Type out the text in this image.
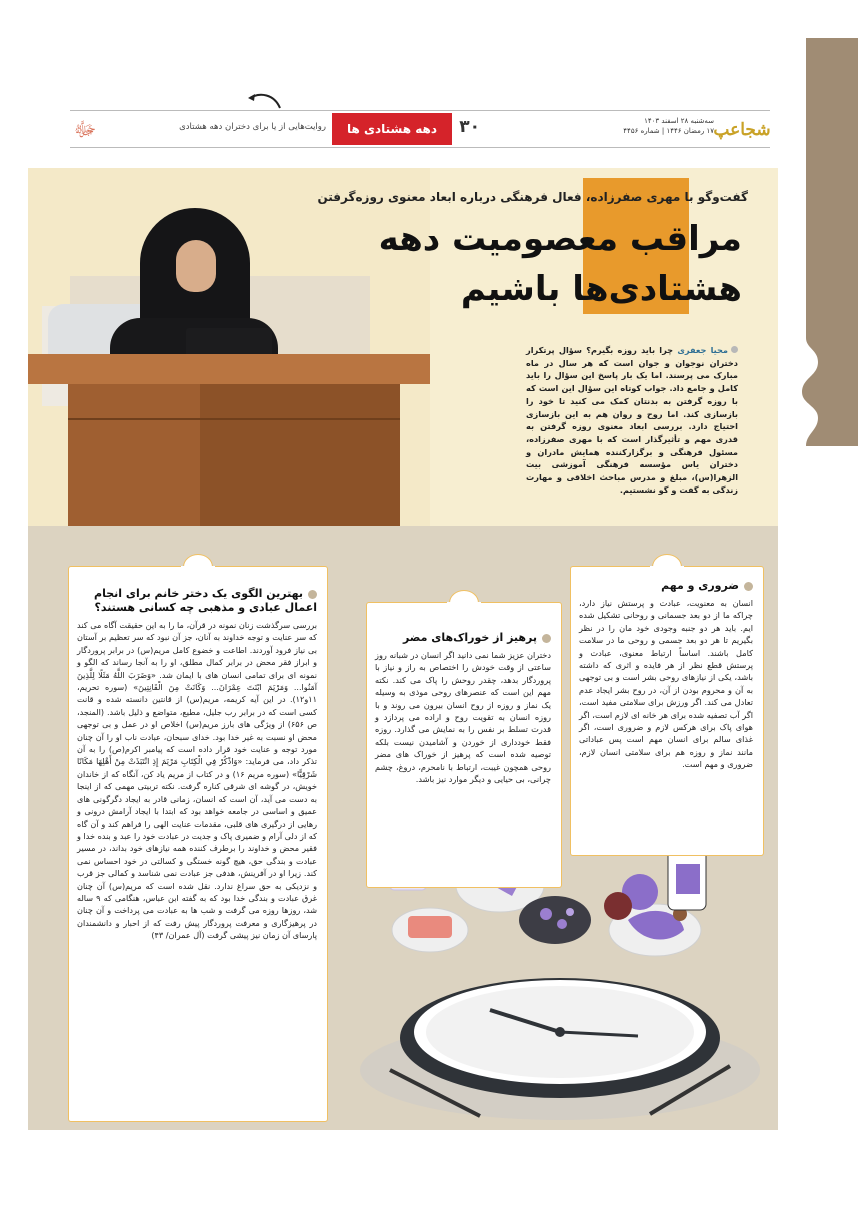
شجاعپ
سه‌شنبه ۲۸ اسفند ۱۴۰۳
۱۷ رمضان ۱۴۴۶ | شماره ۴۴۵۶
۳۰
دهه هشتادی ها
روایت‌هایی از یا برای دختران دهه هشتادی
ﷻ
گفت‌وگو با مهری صفرزاده، فعال فرهنگی درباره ابعاد معنوی روزه‌گرفتن
مراقب معصومیت دهه
هشتادی‌ها باشیم
محیا جعفری چرا باید روزه بگیرم؟ سؤال پرتکرار دختران نوجوان و جوان است که هر سال در ماه مبارک می پرسند. اما یک بار پاسخ این سؤال را باید کامل و جامع داد. جواب کوتاه این سؤال این است که با روزه گرفتن به بدنتان کمک می کنید تا خود را بازسازی کند. اما روح و روان هم به این بازسازی احتیاج دارد. بررسی ابعاد معنوی روزه گرفتن به قدری مهم و تأثیرگذار است که با مهری صفرزاده، مسئول فرهنگی و برگزارکننده همایش مادران و دختران یاس مؤسسه فرهنگی آموزشی بیت الزهرا(س)، مبلغ و مدرس مباحث اخلاقی و مهارت زندگی به گفت و گو نشستیم.
ضروری و مهم
انسان به معنویت، عبادت و پرستش نیاز دارد، چراکه ما از دو بعد جسمانی و روحانی تشکیل شده ایم. باید هر دو جنبه وجودی خود مان را در نظر بگیریم تا هر دو بعد جسمی و روحی ما در سلامت کامل باشند. اساساً ارتباط معنوی، عبادت و پرستش قطع نظر از هر فایده و اثری که داشته باشد، یکی از نیازهای روحی بشر است و بی توجهی به آن و محروم بودن از آن، در روح بشر ایجاد عدم تعادل می کند. اگر ورزش برای سلامتی مفید است، اگر آب تصفیه شده برای هر خانه ای لازم است، اگر هوای پاک برای هرکس لازم و ضروری است، اگر غذای سالم برای انسان مهم است پس عباداتی مانند نماز و روزه هم برای سلامتی انسان لازم، ضروری و مهم است.
پرهیز از خوراک‌های مضر
دختران عزیز شما نمی دانید اگر انسان در شبانه روز ساعتی از وقت خودش را اختصاص به راز و نیاز با پروردگار بدهد، چقدر روحش را پاک می کند. نکته مهم این است که عنصرهای روحی موذی به وسیله یک نماز و روزه از روح انسان بیرون می روند و با روزه انسان به تقویت روح و اراده می پردازد و قدرت تسلط بر نفس را به نمایش می گذارد. روزه فقط خودداری از خوردن و آشامیدن نیست بلکه توصیه شده است که پرهیز از خوراک های مضر روحی همچون غیبت، ارتباط با نامحرم، دروغ، چشم چرانی، بی حیایی و دیگر موارد نیز باشد.
بهترین الگوی یک دختر خانم برای انجام اعمال عبادی و مذهبی چه کسانی هستند؟
بررسی سرگذشت زنان نمونه در قرآن، ما را به این حقیقت آگاه می کند که سر عنایت و توجه خداوند به آنان، جز آن نبود که سر تعظیم بر آستان بی نیاز فرود آوردند. اطاعت و خضوع کامل مریم(س) در برابر پروردگار و ابراز فقر محض در برابر کمال مطلق، او را به آنجا رساند که الگو و نمونه ای برای تمامی انسان های با ایمان شد. «وَضَرَبَ اللَّهُ مَثَلًا لِلَّذِينَ آمَنُوا... وَمَرْيَمَ ابْنَتَ عِمْرَانَ... وَكَانَتْ مِنَ الْقَانِتِينَ» (سوره تحریم، ۱۱و۱۲). در این آیه کریمه، مریم(س) از قانتین دانسته شده و قانت کسی است که در برابر رب جلیل، مطیع، متواضع و ذلیل باشد. (المنجد، ص ۶۵۶) از ویژگی های بارز مریم(س) اخلاص او در عمل و بی توجهی محض او نسبت به غیر خدا بود. خدای سبحان، عبادت ناب او را آن چنان مورد توجه و عنایت خود قرار داده است که پیامبر اکرم(ص) را به آن تذکر داد، می فرماید: «وَاذْكُرْ فِي الْكِتَابِ مَرْيَمَ إِذِ انْتَبَذَتْ مِنْ أَهْلِهَا مَكَانًا شَرْقِيًّا» (سوره مریم ۱۶) و در کتاب از مریم یاد کن، آنگاه که از خاندان خویش، در گوشه ای شرقی کناره گرفت. نکته تربیتی مهمی که از اینجا به دست می آید، آن است که انسان، زمانی قادر به ایجاد دگرگونی های عمیق و اساسی در جامعه خواهد بود که ابتدا با ایجاد آرامش درونی و رهایی از درگیری های قلبی، مقدمات عنایت الهی را فراهم کند و آن گاه که از دلی آرام و ضمیری پاک و جدیت در عبادت خود را عبد و بنده خدا و فقیر محض و خداوند را برطرف کننده همه نیازهای خود بداند، در مسیر عبادت و بندگی حق، هیچ گونه خستگی و کسالتی در خود احساس نمی کند. زیرا او در آفرینش، هدفی جز عبادت نمی شناسد و کمالی جز قرب و نزدیکی به حق سراغ ندارد. نقل شده است که مریم(س) آن چنان غرق عبادت و بندگی خدا بود که به گفته ابن عباس، هنگامی که ۹ ساله شد، روزها روزه می گرفت و شب ها به عبادت می پرداخت و آن چنان در پرهیزگاری و معرفت پروردگار پیش رفت که از احبار و دانشمندان پارسای آن زمان نیز پیشی گرفت (آل عمران/ ۴۳)
